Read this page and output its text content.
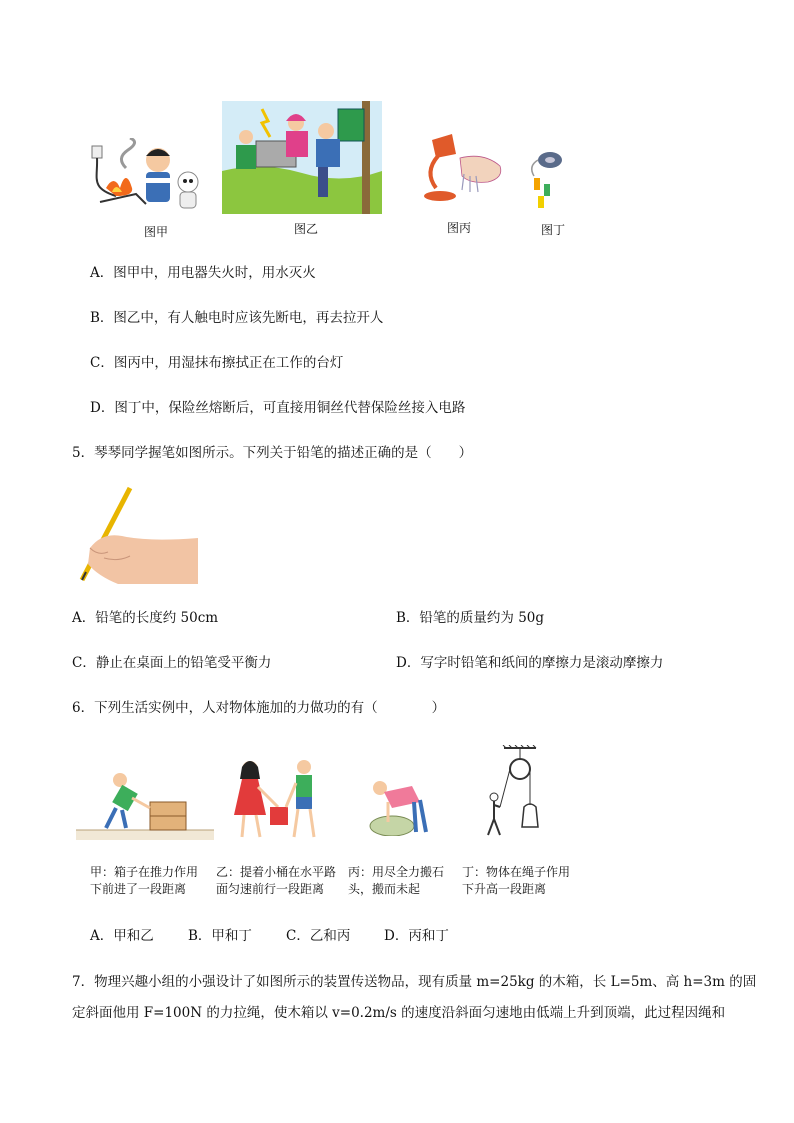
图甲	图乙	图丙	图丁
A．图甲中，用电器失火时，用水灭火
B．图乙中，有人触电时应该先断电，再去拉开人
C．图丙中，用湿抹布擦拭正在工作的台灯
D．图丁中，保险丝熔断后，可直接用铜丝代替保险丝接入电路
5．琴琴同学握笔如图所示。下列关于铅笔的描述正确的是（　　）
A．铅笔的长度约 50cm	B．铅笔的质量约为 50g
C．静止在桌面上的铅笔受平衡力	D．写字时铅笔和纸间的摩擦力是滚动摩擦力
6．下列生活实例中，人对物体施加的力做功的有（　　　　）
甲：箱子在推力作用
下前进了一段距离
乙：提着小桶在水平路
面匀速前行一段距离
丙：用尽全力搬石
头，搬而未起
丁：物体在绳子作用
下升高一段距离
A．甲和乙	B．甲和丁	C．乙和丙 D．丙和丁
7．物理兴趣小组的小强设计了如图所示的装置传送物品，现有质量 m=25kg 的木箱，长 L=5m、高 h=3m 的固
定斜面他用 F=100N 的力拉绳，使木箱以 v=0.2m/s 的速度沿斜面匀速地由低端上升到顶端，此过程因绳和
